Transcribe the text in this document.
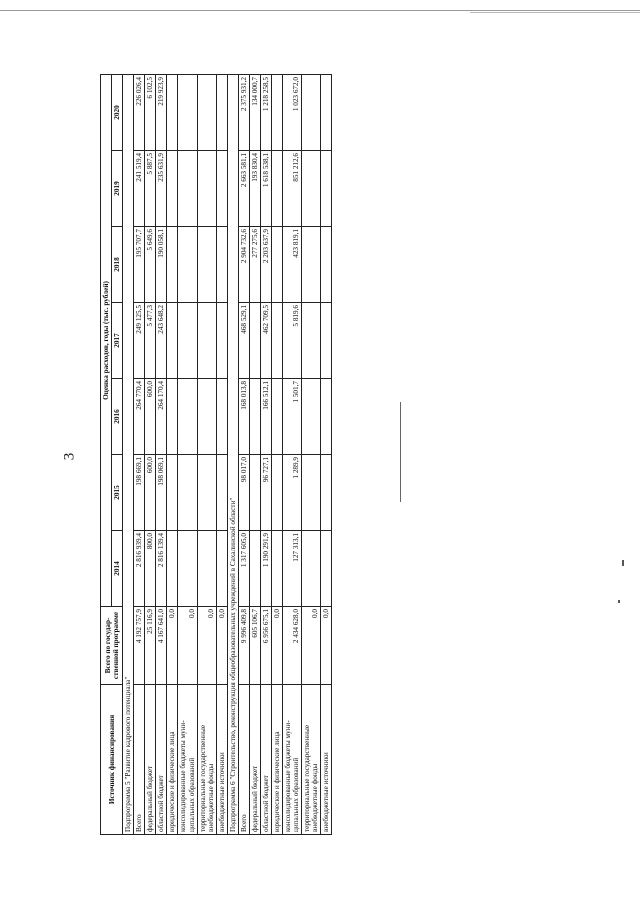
3
Источник финансирования	Всего по государ-ственной программе	Оценка расходов, годы (тыс. рублей)						
		2014	2015	2016	2017	2018	2019	2020
Подпрограмма 5 "Развитие кадрового потенциала"								
Всего	4 192 757,9	2 816 939,4	198 669,1	264 770,4	249 125,5	195 707,7	241 519,4	226 026,4
федеральный бюджет	25 116,9	800,0	600,0	600,0	5 477,3	5 649,6	5 887,5	6 102,5
областной бюджет	4 167 641,0	2 816 139,4	198 069,1	264 170,4	243 648,2	190 058,1	235 631,9	219 923,9
юридические и физические лица	0,0							
консолидированные бюджеты муни-ципальных образований	0,0							
территориальные государственные внебюджетные фонды	0,0							
внебюджетные источники	0,0							
Подпрограмма 6 "Строительство, реконструкция общеобразовательных учреждений в Сахалинской области"								
Всего	9 996 409,8	1 317 605,0	98 017,0	168 013,8	468 529,1	2 904 732,6	2 663 581,1	2 375 931,2
федеральный бюджет	605 106,7					277 275,6	193 830,4	134 000,7
областной бюджет	6 956 675,1	1 190 291,9	96 727,1	166 512,1	462 709,5	2 203 637,9	1 618 538,1	1 218 258,5
юридические и физические лица	0,0							
консолидированные бюджеты муни-ципальных образований	2 434 628,0	127 313,1	1 289,9	1 501,7	5 819,6	423 819,1	851 212,6	1 023 672,0
территориальные государственные внебюджетные фонды	0,0							
внебюджетные источники	0,0							
